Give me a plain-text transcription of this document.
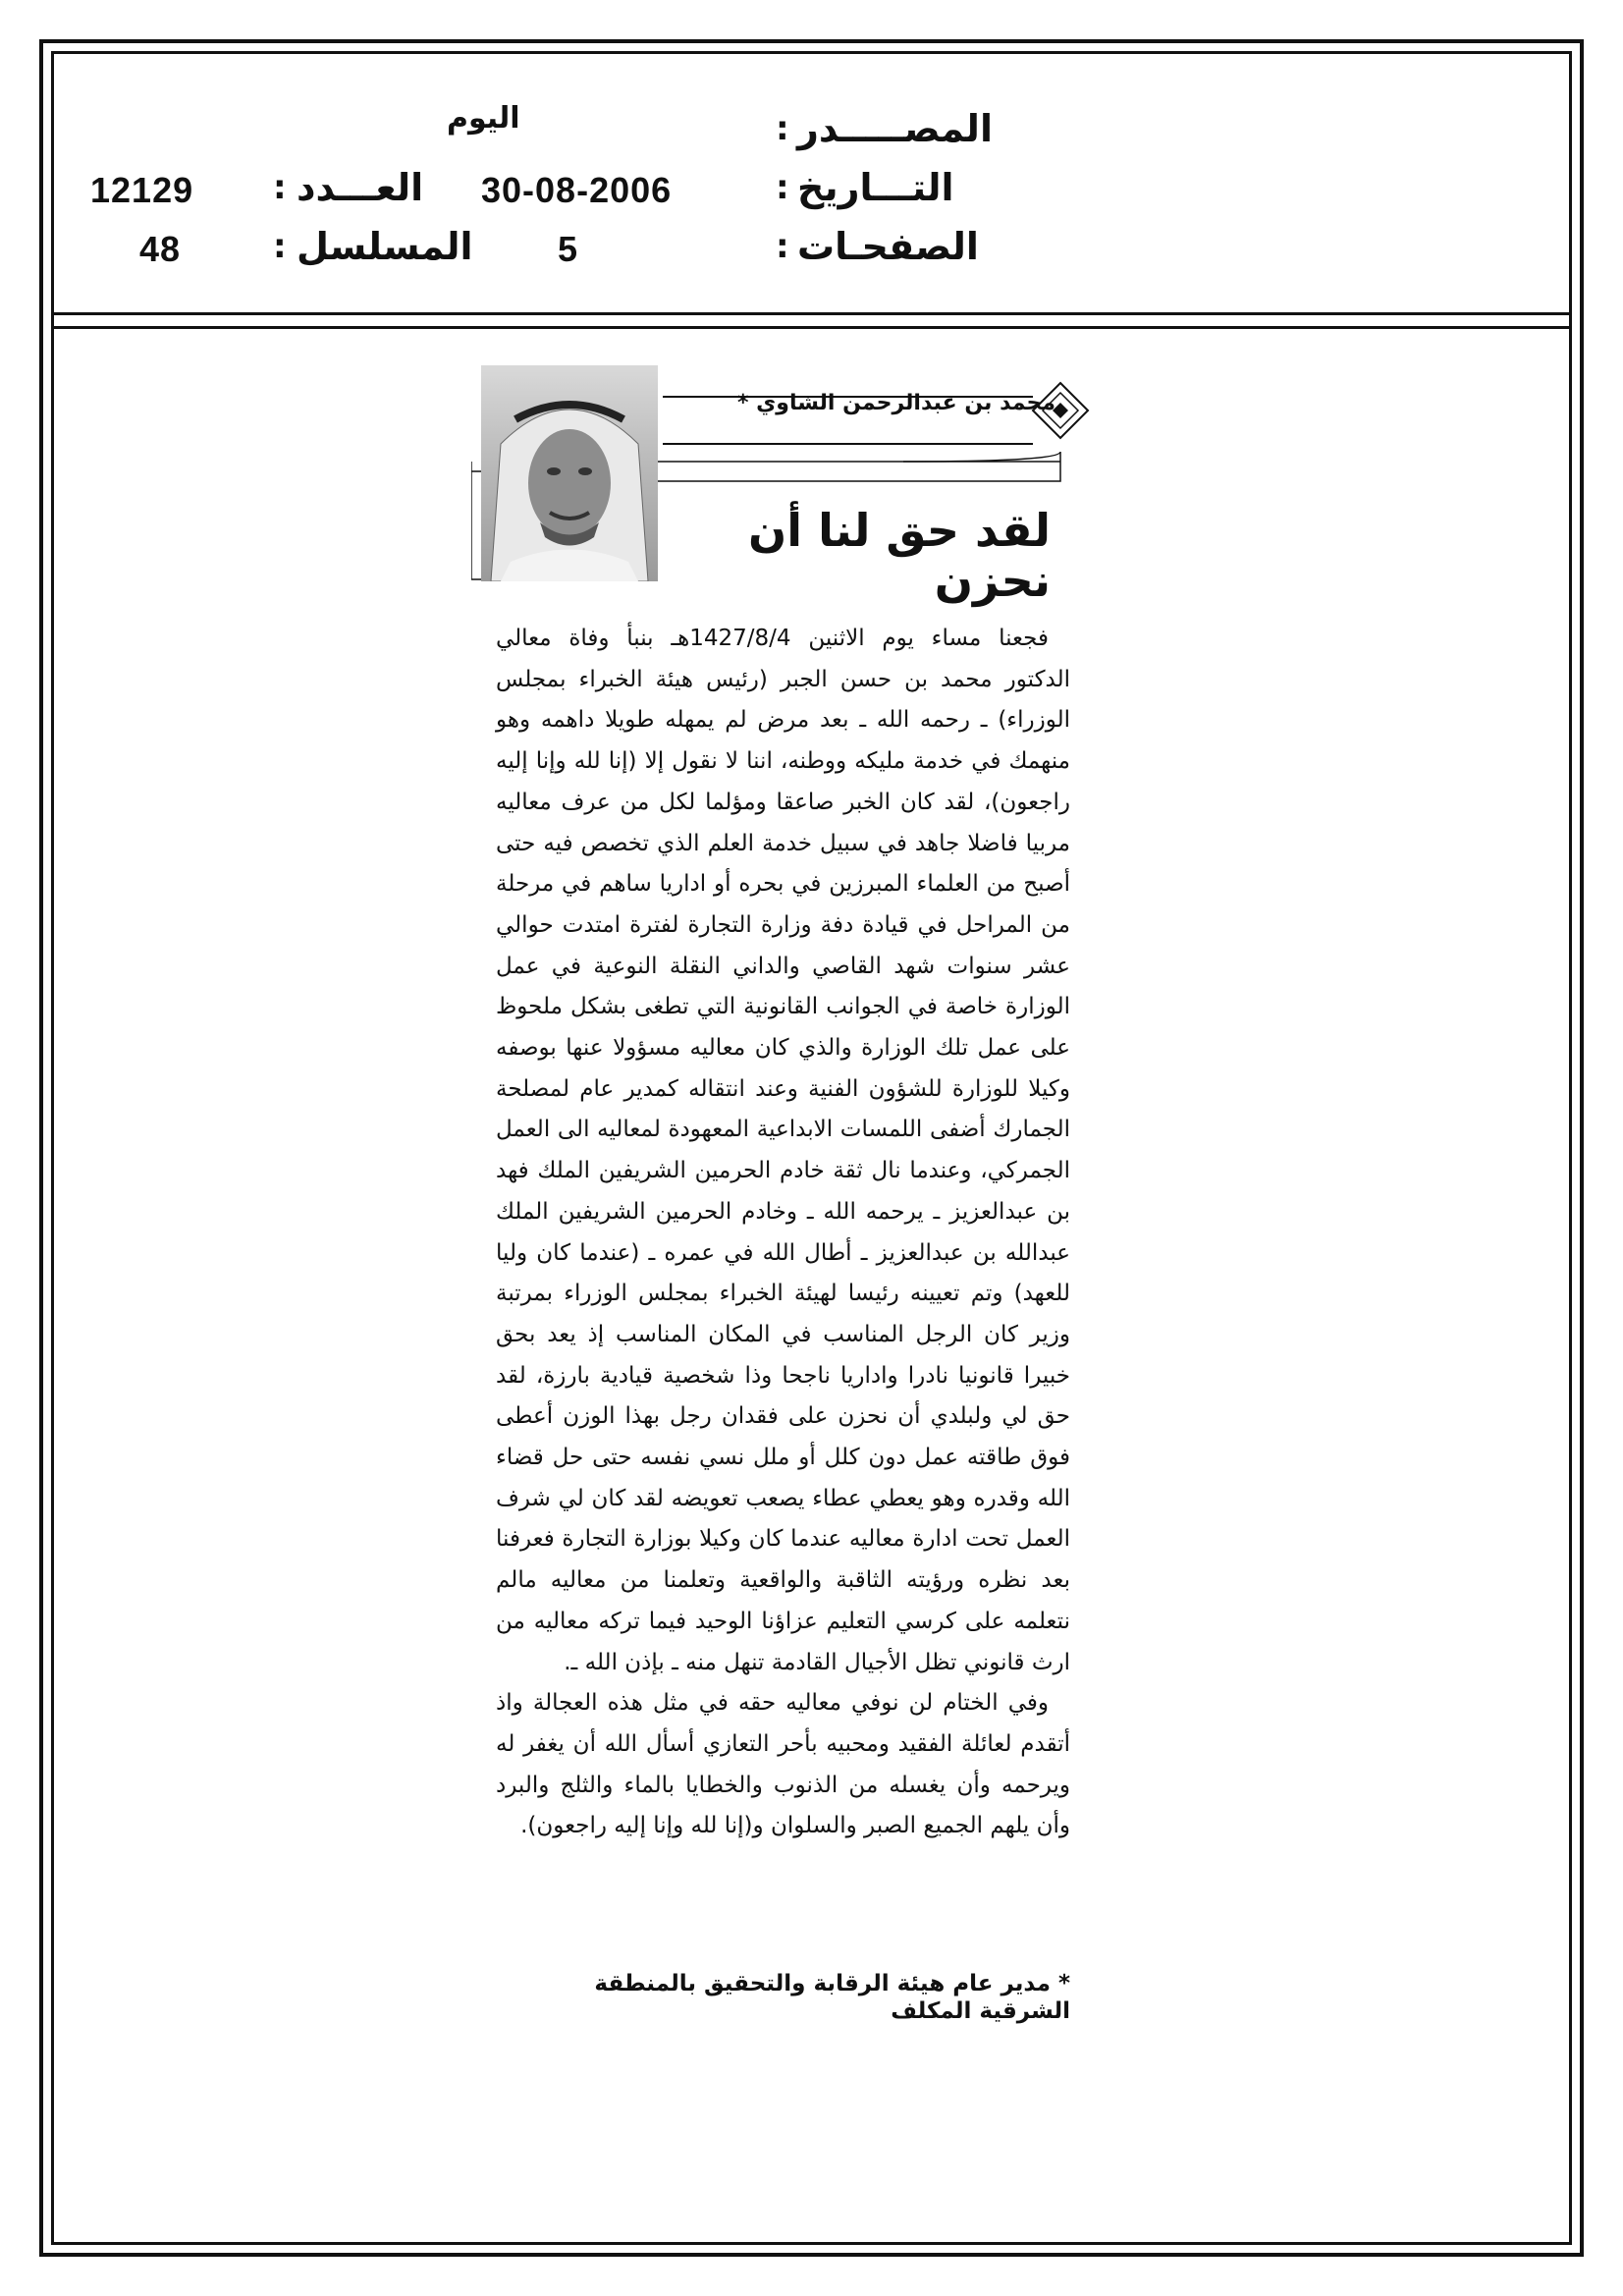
المصـــــدر
:
اليوم
التـــاريخ
:
30-08-2006
الصفحـات
:
5
العـــدد
:
12129
المسلسل
:
48
محمد بن عبدالرحمن الشاوي *
لقد حق لنا أن نحزن

فجعنا مساء يوم الاثنين 1427/8/4هـ بنبأ وفاة معالي الدكتور محمد بن حسن الجبر (رئيس هيئة الخبراء بمجلس الوزراء) ـ رحمه الله ـ بعد مرض لم يمهله طويلا داهمه وهو منهمك في خدمة مليكه ووطنه، اننا لا نقول إلا (إنا لله وإنا إليه راجعون)، لقد كان الخبر صاعقا ومؤلما لكل من عرف معاليه مربيا فاضلا جاهد في سبيل خدمة العلم الذي تخصص فيه حتى أصبح من العلماء المبرزين في بحره أو اداريا ساهم في مرحلة من المراحل في قيادة دفة وزارة التجارة لفترة امتدت حوالي عشر سنوات شهد القاصي والداني النقلة النوعية في عمل الوزارة خاصة في الجوانب القانونية التي تطغى بشكل ملحوظ على عمل تلك الوزارة والذي كان معاليه مسؤولا عنها بوصفه وكيلا للوزارة للشؤون الفنية وعند انتقاله كمدير عام لمصلحة الجمارك أضفى اللمسات الابداعية المعهودة لمعاليه الى العمل الجمركي، وعندما نال ثقة خادم الحرمين الشريفين الملك فهد بن عبدالعزيز ـ يرحمه الله ـ وخادم الحرمين الشريفين الملك عبدالله بن عبدالعزيز ـ أطال الله في عمره ـ (عندما كان وليا للعهد) وتم تعيينه رئيسا لهيئة الخبراء بمجلس الوزراء بمرتبة وزير كان الرجل المناسب في المكان المناسب إذ يعد بحق خبيرا قانونيا نادرا واداريا ناجحا وذا شخصية قيادية بارزة، لقد حق لي ولبلدي أن نحزن على فقدان رجل بهذا الوزن أعطى فوق طاقته عمل دون كلل أو ملل نسي نفسه حتى حل قضاء الله وقدره وهو يعطي عطاء يصعب تعويضه لقد كان لي شرف العمل تحت ادارة معاليه عندما كان وكيلا بوزارة التجارة فعرفنا بعد نظره ورؤيته الثاقبة والواقعية وتعلمنا من معاليه مالم نتعلمه على كرسي التعليم عزاؤنا الوحيد فيما تركه معاليه من ارث قانوني تظل الأجيال القادمة تنهل منه ـ بإذن الله ـ.

وفي الختام لن نوفي معاليه حقه في مثل هذه العجالة واذ أتقدم لعائلة الفقيد ومحبيه بأحر التعازي أسأل الله أن يغفر له ويرحمه وأن يغسله من الذنوب والخطايا بالماء والثلج والبرد وأن يلهم الجميع الصبر والسلوان و(إنا لله وإنا إليه راجعون).

* مدير عام هيئة الرقابة والتحقيق بالمنطقة الشرقية المكلف
